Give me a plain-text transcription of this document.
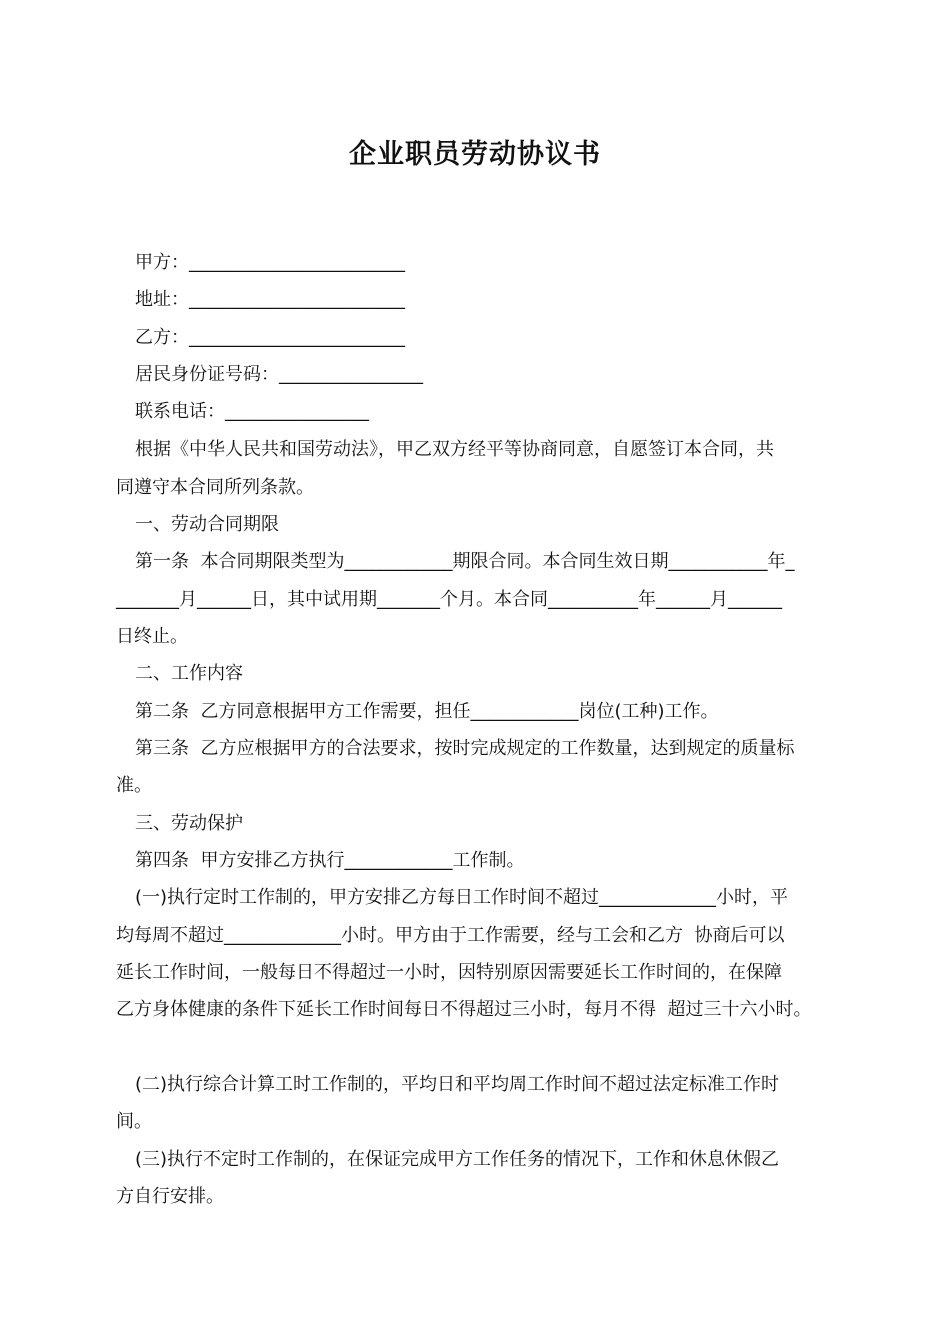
企业职员劳动协议书
甲方：________________________
地址：________________________
乙方：________________________
居民身份证号码：________________
联系电话：________________
根据《中华人民共和国劳动法》，甲乙双方经平等协商同意，自愿签订本合同，共
同遵守本合同所列条款。
一、劳动合同期限
第一条  本合同期限类型为____________期限合同。本合同生效日期___________年_
_______月______日，其中试用期_______个月。本合同__________年______月______
日终止。
二、工作内容
第二条  乙方同意根据甲方工作需要，担任____________岗位(工种)工作。
第三条  乙方应根据甲方的合法要求，按时完成规定的工作数量，达到规定的质量标
准。
三、劳动保护
第四条  甲方安排乙方执行____________工作制。
(一)执行定时工作制的，甲方安排乙方每日工作时间不超过_____________小时，平
均每周不超过_____________小时。甲方由于工作需要，经与工会和乙方  协商后可以
延长工作时间，一般每日不得超过一小时，因特别原因需要延长工作时间的，在保障
乙方身体健康的条件下延长工作时间每日不得超过三小时，每月不得  超过三十六小时。
(二)执行综合计算工时工作制的，平均日和平均周工作时间不超过法定标准工作时
间。
(三)执行不定时工作制的，在保证完成甲方工作任务的情况下，工作和休息休假乙
方自行安排。
